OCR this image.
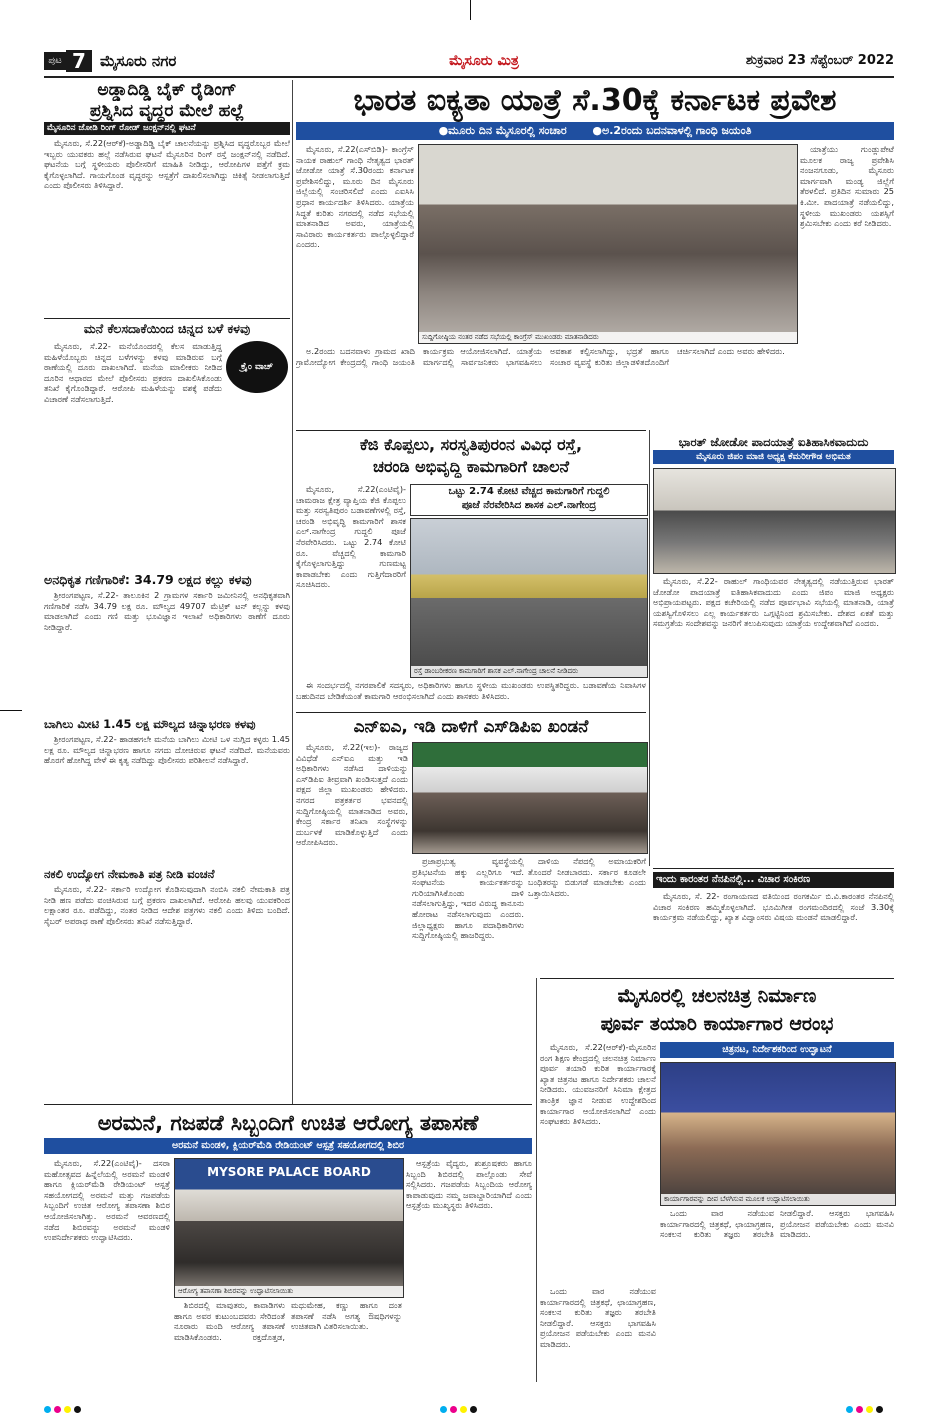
ಪುಟ 7 ಮೈಸೂರು ನಗರ	ಮೈಸೂರು ಮಿತ್ರ	ಶುಕ್ರವಾರ 23 ಸೆಪ್ಟೆಂಬರ್ 2022
ಅಡ್ಡಾದಿಡ್ಡಿ ಬೈಕ್ ರೈಡಿಂಗ್
ಪ್ರಶ್ನಿಸಿದ ವೃದ್ಧರ ಮೇಲೆ ಹಲ್ಲೆ
ಮೈಸೂರಿನ ಜೋಡಿ ರಿಂಗ್ ರೋಡ್ ಜಂಕ್ಷನ್‌ನಲ್ಲಿ ಘಟನೆ

ಮೈಸೂರು, ಸೆ.22(ಆರ್‌ಕೆ)-ಅಡ್ಡಾದಿಡ್ಡಿ ಬೈಕ್ ಚಾಲನೆಯನ್ನು ಪ್ರಶ್ನಿಸಿದ ವೃದ್ಧರೊಬ್ಬರ ಮೇಲೆ ಇಬ್ಬರು ಯುವಕರು ಹಲ್ಲೆ ನಡೆಸಿರುವ ಘಟನೆ ಮೈಸೂರಿನ ರಿಂಗ್ ರಸ್ತೆ ಜಂಕ್ಷನ್‌ನಲ್ಲಿ ನಡೆದಿದೆ. ಘಟನೆಯ ಬಗ್ಗೆ ಸ್ಥಳೀಯರು ಪೊಲೀಸರಿಗೆ ಮಾಹಿತಿ ನೀಡಿದ್ದು, ಆರೋಪಿಗಳ ಪತ್ತೆಗೆ ಕ್ರಮ ಕೈಗೊಳ್ಳಲಾಗಿದೆ. ಗಾಯಗೊಂಡ ವೃದ್ಧರನ್ನು ಆಸ್ಪತ್ರೆಗೆ ದಾಖಲಿಸಲಾಗಿದ್ದು ಚಿಕಿತ್ಸೆ ನೀಡಲಾಗುತ್ತಿದೆ ಎಂದು ಪೊಲೀಸರು ತಿಳಿಸಿದ್ದಾರೆ.

ಮನೆ ಕೆಲಸದಾಕೆಯಿಂದ ಚಿನ್ನದ ಬಳೆ ಕಳವು
ಕ್ರೈಂ ವಾಚ್

ಮೈಸೂರು, ಸೆ.22- ಮನೆಯೊಂದರಲ್ಲಿ ಕೆಲಸ ಮಾಡುತ್ತಿದ್ದ ಮಹಿಳೆಯೊಬ್ಬರು ಚಿನ್ನದ ಬಳೆಗಳನ್ನು ಕಳವು ಮಾಡಿರುವ ಬಗ್ಗೆ ಠಾಣೆಯಲ್ಲಿ ದೂರು ದಾಖಲಾಗಿದೆ. ಮನೆಯ ಮಾಲೀಕರು ನೀಡಿದ ದೂರಿನ ಆಧಾರದ ಮೇಲೆ ಪೊಲೀಸರು ಪ್ರಕರಣ ದಾಖಲಿಸಿಕೊಂಡು ತನಿಖೆ ಕೈಗೊಂಡಿದ್ದಾರೆ. ಆರೋಪಿ ಮಹಿಳೆಯನ್ನು ವಶಕ್ಕೆ ಪಡೆದು ವಿಚಾರಣೆ ನಡೆಸಲಾಗುತ್ತಿದೆ.

ಅನಧಿಕೃತ ಗಣಿಗಾರಿಕೆ: 34.79 ಲಕ್ಷದ ಕಲ್ಲು ಕಳವು

ಶ್ರೀರಂಗಪಟ್ಟಣ, ಸೆ.22- ತಾಲೂಕಿನ 2 ಗ್ರಾಮಗಳ ಸರ್ಕಾರಿ ಜಮೀನಿನಲ್ಲಿ ಅನಧಿಕೃತವಾಗಿ ಗಣಿಗಾರಿಕೆ ನಡೆಸಿ 34.79 ಲಕ್ಷ ರೂ. ಮೌಲ್ಯದ 49707 ಮೆಟ್ರಿಕ್ ಟನ್ ಕಲ್ಲನ್ನು ಕಳವು ಮಾಡಲಾಗಿದೆ ಎಂದು ಗಣಿ ಮತ್ತು ಭೂವಿಜ್ಞಾನ ಇಲಾಖೆ ಅಧಿಕಾರಿಗಳು ಠಾಣೆಗೆ ದೂರು ನೀಡಿದ್ದಾರೆ.

ಬಾಗಿಲು ಮೀಟಿ 1.45 ಲಕ್ಷ ಮೌಲ್ಯದ ಚಿನ್ನಾಭರಣ ಕಳವು

ಶ್ರೀರಂಗಪಟ್ಟಣ, ಸೆ.22- ಹಾಡಹಗಲೇ ಮನೆಯ ಬಾಗಿಲು ಮೀಟಿ ಒಳ ನುಗ್ಗಿದ ಕಳ್ಳರು 1.45 ಲಕ್ಷ ರೂ. ಮೌಲ್ಯದ ಚಿನ್ನಾಭರಣ ಹಾಗೂ ನಗದು ದೋಚಿರುವ ಘಟನೆ ನಡೆದಿದೆ. ಮನೆಯವರು ಹೊರಗೆ ಹೋಗಿದ್ದ ವೇಳೆ ಈ ಕೃತ್ಯ ನಡೆದಿದ್ದು ಪೊಲೀಸರು ಪರಿಶೀಲನೆ ನಡೆಸಿದ್ದಾರೆ.

ನಕಲಿ ಉದ್ಯೋಗ ನೇಮಕಾತಿ ಪತ್ರ ನೀಡಿ ವಂಚನೆ

ಮೈಸೂರು, ಸೆ.22- ಸರ್ಕಾರಿ ಉದ್ಯೋಗ ಕೊಡಿಸುವುದಾಗಿ ನಂಬಿಸಿ ನಕಲಿ ನೇಮಕಾತಿ ಪತ್ರ ನೀಡಿ ಹಣ ಪಡೆದು ವಂಚಿಸಿರುವ ಬಗ್ಗೆ ಪ್ರಕರಣ ದಾಖಲಾಗಿದೆ. ಆರೋಪಿ ಹಲವು ಯುವಕರಿಂದ ಲಕ್ಷಾಂತರ ರೂ. ಪಡೆದಿದ್ದು, ನಂತರ ನೀಡಿದ ಆದೇಶ ಪತ್ರಗಳು ನಕಲಿ ಎಂದು ತಿಳಿದು ಬಂದಿದೆ. ಸೈಬರ್ ಅಪರಾಧ ಠಾಣೆ ಪೊಲೀಸರು ತನಿಖೆ ನಡೆಸುತ್ತಿದ್ದಾರೆ.

ಭಾರತ ಐಕ್ಯತಾ ಯಾತ್ರೆ ಸೆ.30ಕ್ಕೆ ಕರ್ನಾಟಕ ಪ್ರವೇಶ
●ಮೂರು ದಿನ ಮೈಸೂರಲ್ಲಿ ಸಂಚಾರ ●ಅ.2ರಂದು ಬದನವಾಳಲ್ಲಿ ಗಾಂಧಿ ಜಯಂತಿ

ಮೈಸೂರು, ಸೆ.22(ಎಸ್‌ಬಿಡಿ)- ಕಾಂಗ್ರೆಸ್ ನಾಯಕ ರಾಹುಲ್ ಗಾಂಧಿ ನೇತೃತ್ವದ ಭಾರತ್ ಜೋಡೋ ಯಾತ್ರೆ ಸೆ.30ರಂದು ಕರ್ನಾಟಕ ಪ್ರವೇಶಿಸಲಿದ್ದು, ಮೂರು ದಿನ ಮೈಸೂರು ಜಿಲ್ಲೆಯಲ್ಲಿ ಸಂಚರಿಸಲಿದೆ ಎಂದು ಎಐಸಿಸಿ ಪ್ರಧಾನ ಕಾರ್ಯದರ್ಶಿ ತಿಳಿಸಿದರು. ಯಾತ್ರೆಯ ಸಿದ್ಧತೆ ಕುರಿತು ನಗರದಲ್ಲಿ ನಡೆದ ಸಭೆಯಲ್ಲಿ ಮಾತನಾಡಿದ ಅವರು, ಯಾತ್ರೆಯಲ್ಲಿ ಸಾವಿರಾರು ಕಾರ್ಯಕರ್ತರು ಪಾಲ್ಗೊಳ್ಳಲಿದ್ದಾರೆ ಎಂದರು.

ಸುದ್ದಿಗೋಷ್ಠಿಯ ನಂತರ ನಡೆದ ಸಭೆಯಲ್ಲಿ ಕಾಂಗ್ರೆಸ್ ಮುಖಂಡರು ಮಾತನಾಡಿದರು

ಯಾತ್ರೆಯು ಗುಂಡ್ಲುಪೇಟೆ ಮೂಲಕ ರಾಜ್ಯ ಪ್ರವೇಶಿಸಿ ನಂಜನಗೂಡು, ಮೈಸೂರು ಮಾರ್ಗವಾಗಿ ಮಂಡ್ಯ ಜಿಲ್ಲೆಗೆ ತೆರಳಲಿದೆ. ಪ್ರತಿದಿನ ಸುಮಾರು 25 ಕಿ.ಮೀ. ಪಾದಯಾತ್ರೆ ನಡೆಯಲಿದ್ದು, ಸ್ಥಳೀಯ ಮುಖಂಡರು ಯಶಸ್ಸಿಗೆ ಶ್ರಮಿಸಬೇಕು ಎಂದು ಕರೆ ನೀಡಿದರು.

ಅ.2ರಂದು ಬದನವಾಳು ಗ್ರಾಮದ ಖಾದಿ ಗ್ರಾಮೋದ್ಯೋಗ ಕೇಂದ್ರದಲ್ಲಿ ಗಾಂಧಿ ಜಯಂತಿ ಕಾರ್ಯಕ್ರಮ ಆಯೋಜಿಸಲಾಗಿದೆ. ಯಾತ್ರೆಯ ಮಾರ್ಗದಲ್ಲಿ ಸಾರ್ವಜನಿಕರು ಭಾಗವಹಿಸಲು ಅವಕಾಶ ಕಲ್ಪಿಸಲಾಗಿದ್ದು, ಭದ್ರತೆ ಹಾಗೂ ಸಂಚಾರ ವ್ಯವಸ್ಥೆ ಕುರಿತು ಜಿಲ್ಲಾಡಳಿತದೊಂದಿಗೆ ಚರ್ಚಿಸಲಾಗಿದೆ ಎಂದು ಅವರು ಹೇಳಿದರು.

ಕೆಜಿ ಕೊಪ್ಪಲು, ಸರಸ್ವತಿಪುರಂನ ವಿವಿಧ ರಸ್ತೆ,
ಚರಂಡಿ ಅಭಿವೃದ್ಧಿ ಕಾಮಗಾರಿಗೆ ಚಾಲನೆ

ಮೈಸೂರು, ಸೆ.22(ಎಂಟಿವೈ)- ಚಾಮರಾಜ ಕ್ಷೇತ್ರ ವ್ಯಾಪ್ತಿಯ ಕೆಜಿ ಕೊಪ್ಪಲು ಮತ್ತು ಸರಸ್ವತಿಪುರಂ ಬಡಾವಣೆಗಳಲ್ಲಿ ರಸ್ತೆ, ಚರಂಡಿ ಅಭಿವೃದ್ಧಿ ಕಾಮಗಾರಿಗೆ ಶಾಸಕ ಎಲ್.ನಾಗೇಂದ್ರ ಗುದ್ದಲಿ ಪೂಜೆ ನೆರವೇರಿಸಿದರು. ಒಟ್ಟು 2.74 ಕೋಟಿ ರೂ. ವೆಚ್ಚದಲ್ಲಿ ಕಾಮಗಾರಿ ಕೈಗೊಳ್ಳಲಾಗುತ್ತಿದ್ದು ಗುಣಮಟ್ಟ ಕಾಪಾಡಬೇಕು ಎಂದು ಗುತ್ತಿಗೆದಾರರಿಗೆ ಸೂಚಿಸಿದರು.

ಒಟ್ಟು 2.74 ಕೋಟಿ ವೆಚ್ಚದ ಕಾಮಗಾರಿಗೆ ಗುದ್ದಲಿ
ಪೂಜೆ ನೆರವೇರಿಸಿದ ಶಾಸಕ ಎಲ್.ನಾಗೇಂದ್ರ
ರಸ್ತೆ ಡಾಂಬರೀಕರಣ ಕಾಮಗಾರಿಗೆ ಶಾಸಕ ಎಲ್.ನಾಗೇಂದ್ರ ಚಾಲನೆ ನೀಡಿದರು

ಈ ಸಂದರ್ಭದಲ್ಲಿ ನಗರಪಾಲಿಕೆ ಸದಸ್ಯರು, ಅಧಿಕಾರಿಗಳು ಹಾಗೂ ಸ್ಥಳೀಯ ಮುಖಂಡರು ಉಪಸ್ಥಿತರಿದ್ದರು. ಬಡಾವಣೆಯ ನಿವಾಸಿಗಳ ಬಹುದಿನದ ಬೇಡಿಕೆಯಂತೆ ಕಾಮಗಾರಿ ಆರಂಭಿಸಲಾಗಿದೆ ಎಂದು ಶಾಸಕರು ತಿಳಿಸಿದರು.

ಭಾರತ್ ಜೋಡೋ ಪಾದಯಾತ್ರೆ ಐತಿಹಾಸಿಕವಾದುದು
ಮೈಸೂರು ಜಿಪಂ ಮಾಜಿ ಅಧ್ಯಕ್ಷ ಕೆಮರೀಗೌಡ ಅಭಿಮತ

ಮೈಸೂರು, ಸೆ.22- ರಾಹುಲ್ ಗಾಂಧಿಯವರ ನೇತೃತ್ವದಲ್ಲಿ ನಡೆಯುತ್ತಿರುವ ಭಾರತ್ ಜೋಡೋ ಪಾದಯಾತ್ರೆ ಐತಿಹಾಸಿಕವಾದುದು ಎಂದು ಜಿಪಂ ಮಾಜಿ ಅಧ್ಯಕ್ಷರು ಅಭಿಪ್ರಾಯಪಟ್ಟರು. ಪಕ್ಷದ ಕಚೇರಿಯಲ್ಲಿ ನಡೆದ ಪೂರ್ವಭಾವಿ ಸಭೆಯಲ್ಲಿ ಮಾತನಾಡಿ, ಯಾತ್ರೆ ಯಶಸ್ವಿಗೊಳಿಸಲು ಎಲ್ಲ ಕಾರ್ಯಕರ್ತರು ಒಗ್ಗಟ್ಟಿನಿಂದ ಶ್ರಮಿಸಬೇಕು. ದೇಶದ ಏಕತೆ ಮತ್ತು ಸಮಗ್ರತೆಯ ಸಂದೇಶವನ್ನು ಜನರಿಗೆ ತಲುಪಿಸುವುದು ಯಾತ್ರೆಯ ಉದ್ದೇಶವಾಗಿದೆ ಎಂದರು.

ಎನ್‌ಐಎ, ಇಡಿ ದಾಳಿಗೆ ಎಸ್‌ಡಿಪಿಐ ಖಂಡನೆ

ಮೈಸೂರು, ಸೆ.22(ಇಲ)- ರಾಜ್ಯದ ವಿವಿಧೆಡೆ ಎನ್‌ಐಎ ಮತ್ತು ಇಡಿ ಅಧಿಕಾರಿಗಳು ನಡೆಸಿದ ದಾಳಿಯನ್ನು ಎಸ್‌ಡಿಪಿಐ ತೀವ್ರವಾಗಿ ಖಂಡಿಸುತ್ತದೆ ಎಂದು ಪಕ್ಷದ ಜಿಲ್ಲಾ ಮುಖಂಡರು ಹೇಳಿದರು. ನಗರದ ಪತ್ರಕರ್ತರ ಭವನದಲ್ಲಿ ಸುದ್ದಿಗೋಷ್ಠಿಯಲ್ಲಿ ಮಾತನಾಡಿದ ಅವರು, ಕೇಂದ್ರ ಸರ್ಕಾರ ತನಿಖಾ ಸಂಸ್ಥೆಗಳನ್ನು ದುರ್ಬಳಕೆ ಮಾಡಿಕೊಳ್ಳುತ್ತಿದೆ ಎಂದು ಆರೋಪಿಸಿದರು.

ಪ್ರಜಾಪ್ರಭುತ್ವ ವ್ಯವಸ್ಥೆಯಲ್ಲಿ ಪ್ರತಿಭಟನೆಯ ಹಕ್ಕು ಎಲ್ಲರಿಗೂ ಇದೆ. ಸಂಘಟನೆಯ ಕಾರ್ಯಕರ್ತರನ್ನು ಗುರಿಯಾಗಿಸಿಕೊಂಡು ದಾಳಿ ನಡೆಸಲಾಗುತ್ತಿದ್ದು, ಇದರ ವಿರುದ್ಧ ಕಾನೂನು ಹೋರಾಟ ನಡೆಸಲಾಗುವುದು ಎಂದರು. ಜಿಲ್ಲಾಧ್ಯಕ್ಷರು ಹಾಗೂ ಪದಾಧಿಕಾರಿಗಳು ಸುದ್ದಿಗೋಷ್ಠಿಯಲ್ಲಿ ಹಾಜರಿದ್ದರು.

ದಾಳಿಯ ನೆಪದಲ್ಲಿ ಅಮಾಯಕರಿಗೆ ತೊಂದರೆ ನೀಡಬಾರದು. ಸರ್ಕಾರ ಕೂಡಲೇ ಬಂಧಿತರನ್ನು ಬಿಡುಗಡೆ ಮಾಡಬೇಕು ಎಂದು ಒತ್ತಾಯಿಸಿದರು.

ಇಂದು ಕಾರಂತರ ನೆನಪಿನಲ್ಲಿ... ವಿಚಾರ ಸಂಕಿರಣ

ಮೈಸೂರು, ಸೆ. 22- ರಂಗಾಯಣದ ವತಿಯಿಂದ ರಂಗಕರ್ಮಿ ಬಿ.ವಿ.ಕಾರಂತರ ನೆನಪಿನಲ್ಲಿ ವಿಚಾರ ಸಂಕಿರಣ ಹಮ್ಮಿಕೊಳ್ಳಲಾಗಿದೆ. ಭೂಮಿಗೀತ ರಂಗಮಂದಿರದಲ್ಲಿ ಸಂಜೆ 3.30ಕ್ಕೆ ಕಾರ್ಯಕ್ರಮ ನಡೆಯಲಿದ್ದು, ಖ್ಯಾತ ವಿದ್ವಾಂಸರು ವಿಷಯ ಮಂಡನೆ ಮಾಡಲಿದ್ದಾರೆ.

ಮೈಸೂರಲ್ಲಿ ಚಲನಚಿತ್ರ ನಿರ್ಮಾಣ
ಪೂರ್ವ ತಯಾರಿ ಕಾರ್ಯಾಗಾರ ಆರಂಭ

ಮೈಸೂರು, ಸೆ.22(ಆರ್‌ಕೆ)-ಮೈಸೂರಿನ ರಂಗ ಶಿಕ್ಷಣ ಕೇಂದ್ರದಲ್ಲಿ ಚಲನಚಿತ್ರ ನಿರ್ಮಾಣ ಪೂರ್ವ ತಯಾರಿ ಕುರಿತ ಕಾರ್ಯಾಗಾರಕ್ಕೆ ಖ್ಯಾತ ಚಿತ್ರನಟ ಹಾಗೂ ನಿರ್ದೇಶಕರು ಚಾಲನೆ ನೀಡಿದರು. ಯುವಜನರಿಗೆ ಸಿನಿಮಾ ಕ್ಷೇತ್ರದ ತಾಂತ್ರಿಕ ಜ್ಞಾನ ನೀಡುವ ಉದ್ದೇಶದಿಂದ ಕಾರ್ಯಾಗಾರ ಆಯೋಜಿಸಲಾಗಿದೆ ಎಂದು ಸಂಘಟಕರು ತಿಳಿಸಿದರು.

ಚಿತ್ರನಟ, ನಿರ್ದೇಶಕರಿಂದ ಉದ್ಘಾಟನೆ
ಕಾರ್ಯಾಗಾರವನ್ನು ದೀಪ ಬೆಳಗಿಸುವ ಮೂಲಕ ಉದ್ಘಾಟಿಸಲಾಯಿತು

ಒಂದು ವಾರ ನಡೆಯುವ ಕಾರ್ಯಾಗಾರದಲ್ಲಿ ಚಿತ್ರಕಥೆ, ಛಾಯಾಗ್ರಹಣ, ಸಂಕಲನ ಕುರಿತು ತಜ್ಞರು ತರಬೇತಿ ನೀಡಲಿದ್ದಾರೆ. ಆಸಕ್ತರು ಭಾಗವಹಿಸಿ ಪ್ರಯೋಜನ ಪಡೆಯಬೇಕು ಎಂದು ಮನವಿ ಮಾಡಿದರು.

ಒಂದು ವಾರ ನಡೆಯುವ ಕಾರ್ಯಾಗಾರದಲ್ಲಿ ಚಿತ್ರಕಥೆ, ಛಾಯಾಗ್ರಹಣ, ಸಂಕಲನ ಕುರಿತು ತಜ್ಞರು ತರಬೇತಿ ನೀಡಲಿದ್ದಾರೆ. ಆಸಕ್ತರು ಭಾಗವಹಿಸಿ ಪ್ರಯೋಜನ ಪಡೆಯಬೇಕು ಎಂದು ಮನವಿ ಮಾಡಿದರು.

ಅರಮನೆ, ಗಜಪಡೆ ಸಿಬ್ಬಂದಿಗೆ ಉಚಿತ ಆರೋಗ್ಯ ತಪಾಸಣೆ
ಅರಮನೆ ಮಂಡಳಿ, ಕ್ಲಿಯರ್‌ಮೆಡಿ ರೇಡಿಯಂಟ್ ಆಸ್ಪತ್ರೆ ಸಹಯೋಗದಲ್ಲಿ ಶಿಬಿರ

ಮೈಸೂರು, ಸೆ.22(ಎಂಟಿವೈ)- ದಸರಾ ಮಹೋತ್ಸವದ ಹಿನ್ನೆಲೆಯಲ್ಲಿ ಅರಮನೆ ಮಂಡಳಿ ಹಾಗೂ ಕ್ಲಿಯರ್‌ಮೆಡಿ ರೇಡಿಯಂಟ್ ಆಸ್ಪತ್ರೆ ಸಹಯೋಗದಲ್ಲಿ ಅರಮನೆ ಮತ್ತು ಗಜಪಡೆಯ ಸಿಬ್ಬಂದಿಗೆ ಉಚಿತ ಆರೋಗ್ಯ ತಪಾಸಣಾ ಶಿಬಿರ ಆಯೋಜಿಸಲಾಗಿತ್ತು. ಅರಮನೆ ಆವರಣದಲ್ಲಿ ನಡೆದ ಶಿಬಿರವನ್ನು ಅರಮನೆ ಮಂಡಳಿ ಉಪನಿರ್ದೇಶಕರು ಉದ್ಘಾಟಿಸಿದರು.

MYSORE PALACE BOARD
ಆರೋಗ್ಯ ತಪಾಸಣಾ ಶಿಬಿರವನ್ನು ಉದ್ಘಾಟಿಸಲಾಯಿತು

ಶಿಬಿರದಲ್ಲಿ ಮಾವುತರು, ಕಾವಾಡಿಗಳು ಹಾಗೂ ಅವರ ಕುಟುಂಬದವರು ಸೇರಿದಂತೆ ನೂರಾರು ಮಂದಿ ಆರೋಗ್ಯ ತಪಾಸಣೆ ಮಾಡಿಸಿಕೊಂಡರು. ರಕ್ತದೊತ್ತಡ, ಮಧುಮೇಹ, ಕಣ್ಣು ಹಾಗೂ ದಂತ ತಪಾಸಣೆ ನಡೆಸಿ ಅಗತ್ಯ ಔಷಧಿಗಳನ್ನು ಉಚಿತವಾಗಿ ವಿತರಿಸಲಾಯಿತು.

ಆಸ್ಪತ್ರೆಯ ವೈದ್ಯರು, ಶುಶ್ರೂಷಕರು ಹಾಗೂ ಸಿಬ್ಬಂದಿ ಶಿಬಿರದಲ್ಲಿ ಪಾಲ್ಗೊಂಡು ಸೇವೆ ಸಲ್ಲಿಸಿದರು. ಗಜಪಡೆಯ ಸಿಬ್ಬಂದಿಯ ಆರೋಗ್ಯ ಕಾಪಾಡುವುದು ನಮ್ಮ ಜವಾಬ್ದಾರಿಯಾಗಿದೆ ಎಂದು ಆಸ್ಪತ್ರೆಯ ಮುಖ್ಯಸ್ಥರು ತಿಳಿಸಿದರು.
